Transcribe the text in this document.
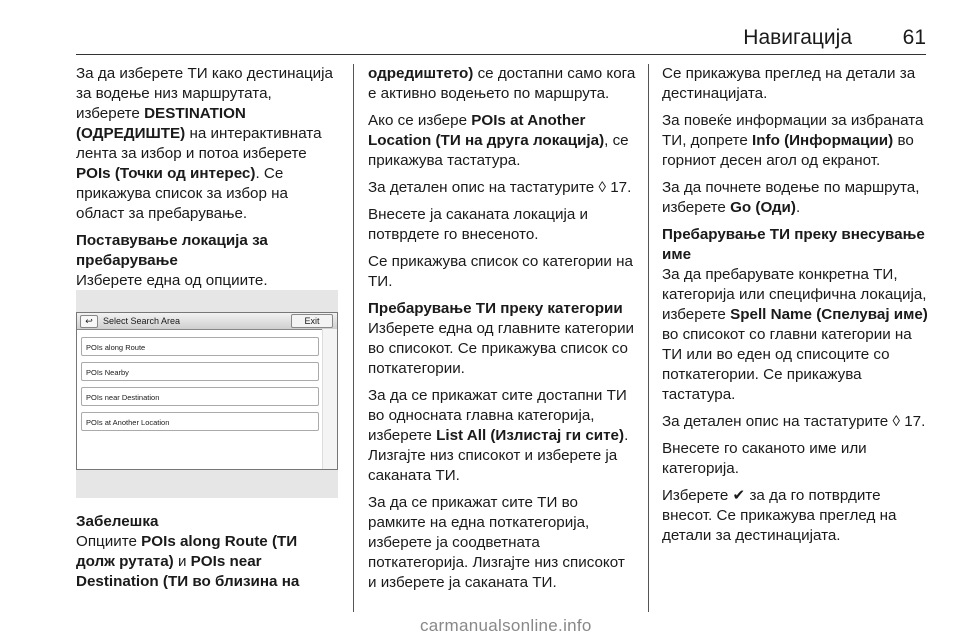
Навигација 61

За да изберете ТИ како дестинација за водење низ маршрутата, изберете DESTINATION (ОДРЕДИШТЕ) на интерактивната лента за избор и потоа изберете POIs (Точки од интерес). Се прикажува список за избор на област за пребарување.

Поставување локација за пребарување

Изберете една од опциите.

↩	Select Search Area	Exit
POIs along Route
POIs Nearby
POIs near Destination
POIs at Another Location
Забелешка

Опциите POIs along Route (ТИ долж рутата) и POIs near Destination (ТИ во близина на

одредиштето) се достапни само кога е активно водењето по маршрута.

Ако се избере POIs at Another Location (ТИ на друга локација), се прикажува тастатура.

За детален опис на тастатурите ◊ 17.

Внесете ја саканата локација и потврдете го внесеното.

Се прикажува список со категории на ТИ.

Пребарување ТИ преку категории

Изберете една од главните категории во списокот. Се прикажува список со поткатегории.

За да се прикажат сите достапни ТИ во односната главна категорија, изберете List All (Излистај ги сите). Лизгајте низ списокот и изберете ја саканата ТИ.

За да се прикажат сите ТИ во рамките на една поткатегорија, изберете ја соодветната поткатегорија. Лизгајте низ списокот и изберете ја саканата ТИ.

Се прикажува преглед на детали за дестинацијата.

За повеќе информации за избраната ТИ, допрете Info (Информации) во горниот десен агол од екранот.

За да почнете водење по маршрута, изберете Go (Оди).

Пребарување ТИ преку внесување име

За да пребарувате конкретна ТИ, категорија или специфична локација, изберете Spell Name (Спелувај име) во списокот со главни категории на ТИ или во еден од списоците со поткатегории. Се прикажува тастатура.

За детален опис на тастатурите ◊ 17.

Внесете го саканото име или категорија.

Изберете ✔ за да го потврдите внесот. Се прикажува преглед на детали за дестинацијата.

carmanualsonline.info
